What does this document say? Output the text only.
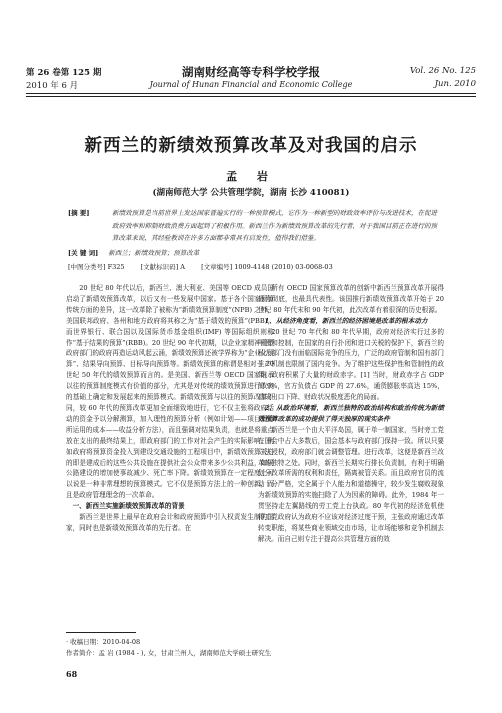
第 26 卷第 125 期
2010 年 6 月
湖南财经高等专科学校学报
Journal of Hunan Financial and Economic College
Vol. 26 No. 125
Jun. 2010
新西兰的新绩效预算改革及对我国的启示
孟 岩
(湖南师范大学 公共管理学院，湖南 长沙 410081)
[摘 要]	新绩效预算是当前世界上发达国家普遍实行的一种预算模式，它作为一种新型的财政效率评价与改进技术，在促进政府效率和抑制财政浪费方面起到了积极作用。新西兰作为新绩效预算改革的先行者，对于我国目前正在进行的预算改革来说，其经验教训在许多方面都非常具有启发性，值得我们借鉴。
[关 键 词] 新西兰；新绩效预算；预算改革
[中图分类号] F325 [文献标识码] A [文章编号] 1009-4148 (2010) 03-0068-03

20 世纪 80 年代以后，新西兰、澳大利亚、美国等 OECD 成员国启动了新绩效预算改革，以后又有一些发展中国家。基于各个国家预算传统方面的差异，这一改革除了被称为“新绩效预算制度”(NPB) 之外，美国联邦政府、各州和地方政府将其称之为“基于绩效的预算”(PBB)，而世界银行、联合国以及国际货币基金组织(IMF) 等国际组织则称作“基于结果的预算”(RBB)。20 世纪 90 年代初期，以企业家精神重塑政府部门的政府再造运动风起云涌，新绩效预算还被学界称为“企业化预算”、结果导向预算、目标导向预算等。新绩效预算的称谓是相对于 20 世纪 50 年代的绩效预算而言的。是美国、新西兰等 OECD 国家继承以往的预算制度模式有价值的部分，尤其是对传统的绩效预算进行改良的基础上确定和发展起来的预算模式。新绩效预算与以往的预算改革不同，较 60 年代的预算改革更加全面细致地进行，它不仅主张将政府活动的资金予以分解测算，加入理性的预算分析（例如计划——项目预算所运用的成本——收益分析方法），而且强调对结果负责，也就是将重点放在支出的最终结果上，即政府部门的工作对社会产生的实际影响。例如政府将预算资金投入到建设交通设施的工程项目中，新绩效预算关心的即是建成后的这些公共设施在提供社会公众带来多少公共利益，如同公路建设的增加使事故减少、死亡率下降。新绩效预算在一定程度上可以说是一种非常理想的预算模式。它不仅是预算方法上的一种创新，而且是政府管理理念的一次革命。

一、新西兰实施新绩效预算改革的背景

新西兰是世界上最早在政府会计和政府预算中引入权责发生制的国家，同时也是新绩效预算改革的先行者。在

所有 OECD 国家预算改革的创新中新西兰预算改革开展得最为彻底，也最具代表性。该国推行新绩效预算改革开始于 20 世纪 80 年代末和 90 年代初，此次改革有着很深的历史根源。

1、从经济角度看，新西兰的经济困境是改革的根本动力

20 世纪 70 年代和 80 年代早期，政府对经济实行过多的干预和控制，在国家的自行扑闭和进口关税的保护下，新西兰的私人部门没有面临国际竞争的压力，广泛的政府管制和国有部门生产机制也限制了国内竞争。为了维护这些保护性和管制性的政策，政府积累了大量的财政赤字。[1] 当时，财政赤字占 GDP 的 9%，官方负债占 GDP 的 27.6%，通货膨胀率高达 15%，造成出口下降、财政状况极度恶化的局面。

2、从政治环境看，新西兰独特的政治结构和政治传统为新绩效预算改革的成功提供了得天独厚的现实条件

新西兰是一个由大平洋岛国，属于单一制国家，当时旁工党在国会中占大多数后，国会基本与政府部门保持一致。所以只要立法授权，政府部门就会调整管理。进行改革，这便是新西兰改革的独特之处。同时，新西兰长期实行排长负责制，有利于明确划分改革所需的权利和责任，隔离被管关系。而且政府官员的流动十分严格，完全属于个人能力和道德操守，较少发生腐败现象为新绩效预算的实施扫除了人为因素的障碍。此外，1984 年一贯坚持走左翼路线的劳工党上台执政。80 年代初的经济危机使得工党政府认为政府不应该对经济过度干预，主张政府通过改革转变职能，将某些商业领域交由市场，让市场能够和竞争机制去解决。而自己则专注于提高公共管理方面的效

· 收稿日期：2010-04-08
作者简介：孟 岩 (1984 - ), 女，甘肃兰州人，湖南师范大学硕士研究生
68
